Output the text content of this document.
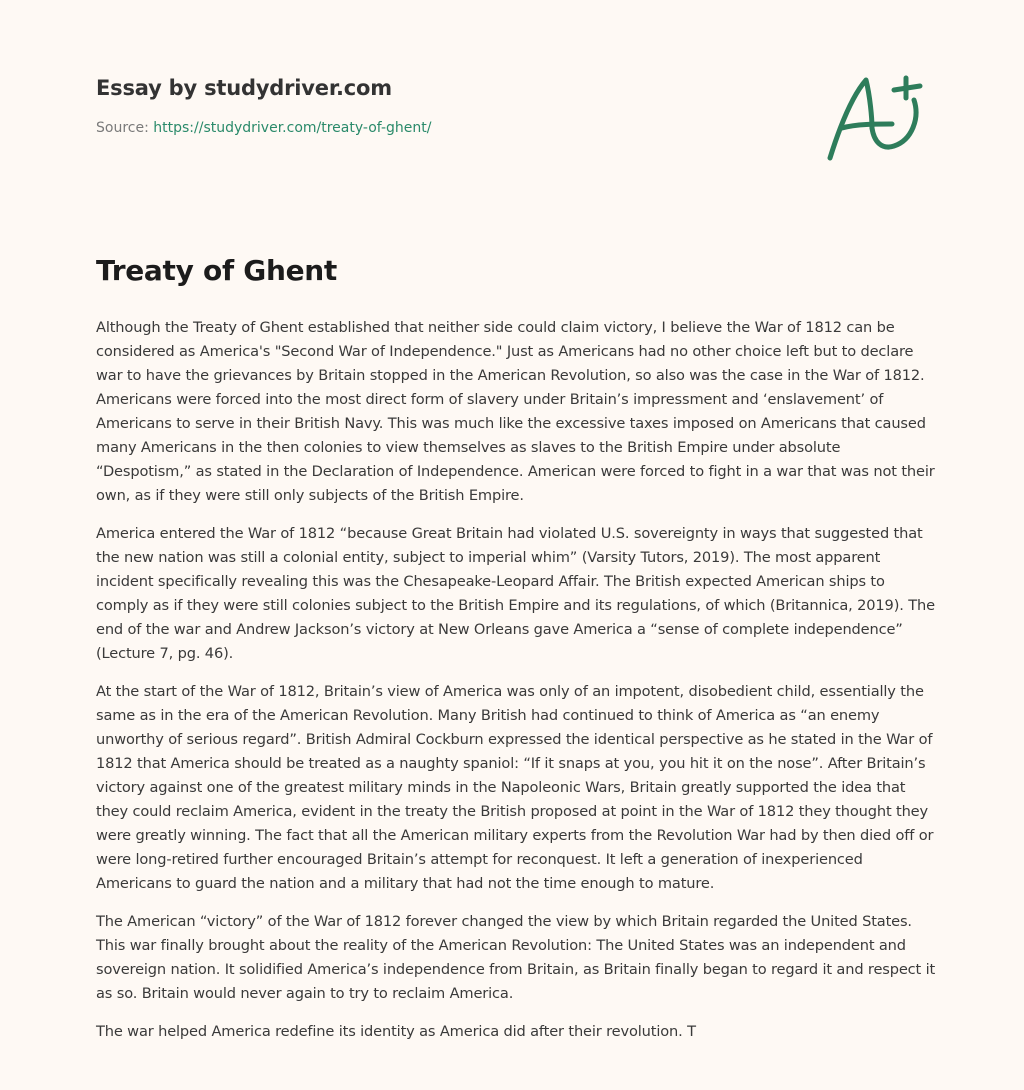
Essay by studydriver.com
Source: https://studydriver.com/treaty-of-ghent/
Treaty of Ghent

Although the Treaty of Ghent established that neither side could claim victory, I believe the War of 1812 can be considered as America's "Second War of Independence." Just as Americans had no other choice left but to declare war to have the grievances by Britain stopped in the American Revolution, so also was the case in the War of 1812. Americans were forced into the most direct form of slavery under Britain’s impressment and ‘enslavement’ of Americans to serve in their British Navy. This was much like the excessive taxes imposed on Americans that caused many Americans in the then colonies to view themselves as slaves to the British Empire under absolute “Despotism,” as stated in the Declaration of Independence. American were forced to fight in a war that was not their own, as if they were still only subjects of the British Empire.

America entered the War of 1812 “because Great Britain had violated U.S. sovereignty in ways that suggested that the new nation was still a colonial entity, subject to imperial whim” (Varsity Tutors, 2019). The most apparent incident specifically revealing this was the Chesapeake-Leopard Affair. The British expected American ships to comply as if they were still colonies subject to the British Empire and its regulations, of which (Britannica, 2019). The end of the war and Andrew Jackson’s victory at New Orleans gave America a “sense of complete independence” (Lecture 7, pg. 46).

At the start of the War of 1812, Britain’s view of America was only of an impotent, disobedient child, essentially the same as in the era of the American Revolution. Many British had continued to think of America as “an enemy unworthy of serious regard”. British Admiral Cockburn expressed the identical perspective as he stated in the War of 1812 that America should be treated as a naughty spaniol: “If it snaps at you, you hit it on the nose”. After Britain’s victory against one of the greatest military minds in the Napoleonic Wars, Britain greatly supported the idea that they could reclaim America, evident in the treaty the British proposed at point in the War of 1812 they thought they were greatly winning. The fact that all the American military experts from the Revolution War had by then died off or were long-retired further encouraged Britain’s attempt for reconquest. It left a generation of inexperienced Americans to guard the nation and a military that had not the time enough to mature.

The American “victory” of the War of 1812 forever changed the view by which Britain regarded the United States. This war finally brought about the reality of the American Revolution: The United States was an independent and sovereign nation. It solidified America’s independence from Britain, as Britain finally began to regard it and respect it as so. Britain would never again to try to reclaim America.

The war helped America redefine its identity as America did after their revolution. T
